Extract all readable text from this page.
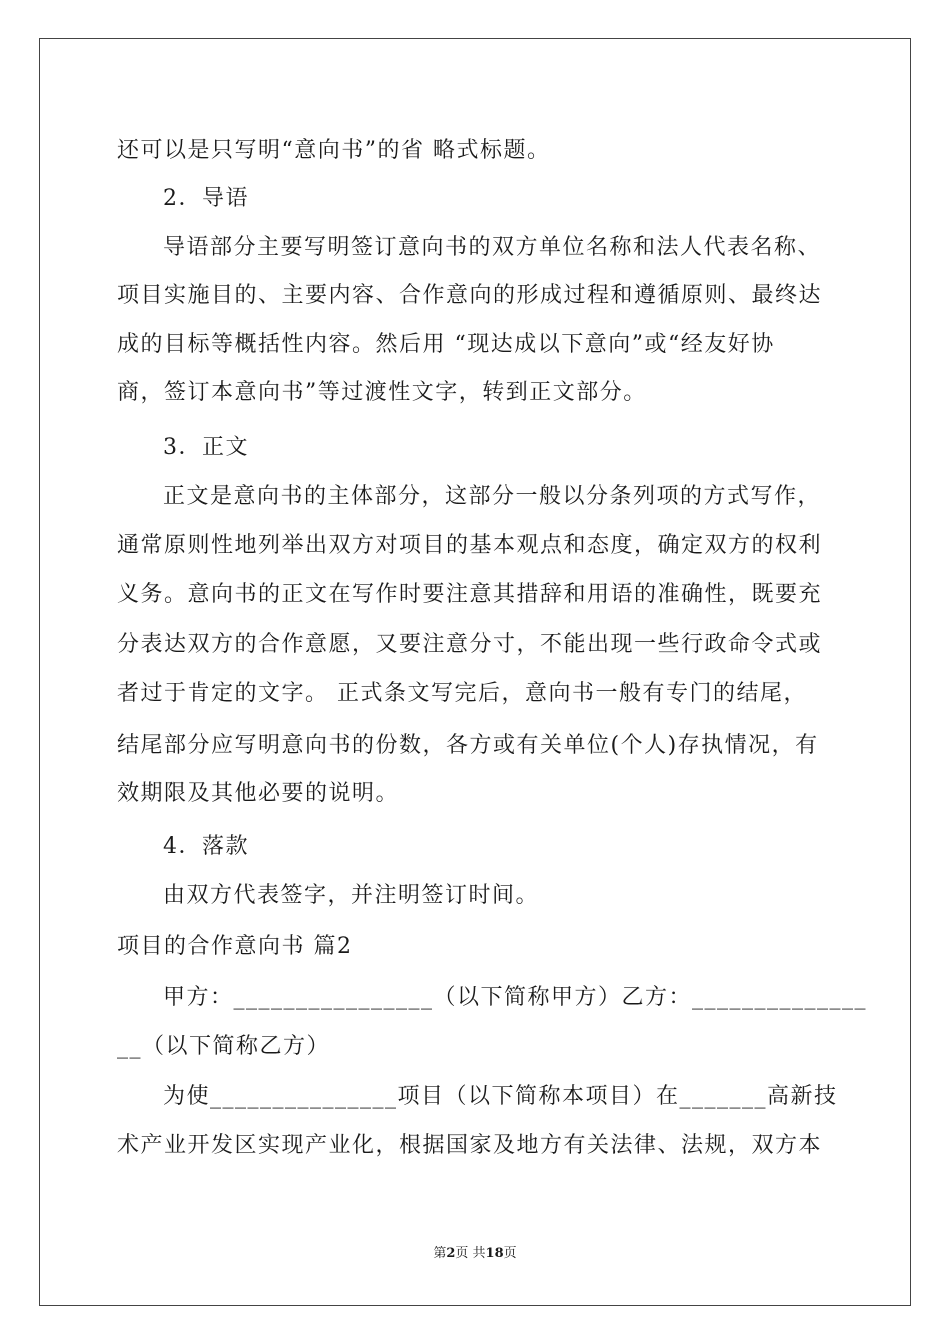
还可以是只写明“意向书”的省 略式标题。
2．导语
导语部分主要写明签订意向书的双方单位名称和法人代表名称、
项目实施目的、主要内容、合作意向的形成过程和遵循原则、最终达
成的目标等概括性内容。然后用 “现达成以下意向”或“经友好协
商，签订本意向书”等过渡性文字，转到正文部分。
3．正文
正文是意向书的主体部分，这部分一般以分条列项的方式写作，
通常原则性地列举出双方对项目的基本观点和态度，确定双方的权利
义务。意向书的正文在写作时要注意其措辞和用语的准确性，既要充
分表达双方的合作意愿，又要注意分寸，不能出现一些行政命令式或
者过于肯定的文字。 正式条文写完后，意向书一般有专门的结尾，
结尾部分应写明意向书的份数，各方或有关单位(个人)存执情况，有
效期限及其他必要的说明。
4．落款
由双方代表签字，并注明签订时间。
项目的合作意向书 篇2
甲方：________________（以下简称甲方）乙方：______________
__（以下简称乙方）
为使_______________项目（以下简称本项目）在_______高新技
术产业开发区实现产业化，根据国家及地方有关法律、法规，双方本
第2页 共18页
